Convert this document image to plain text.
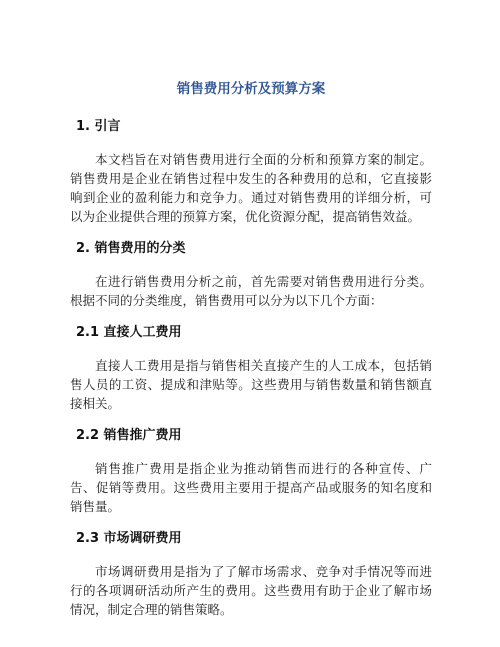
销售费用分析及预算方案
1. 引言
本文档旨在对销售费用进行全面的分析和预算方案的制定。销售费用是企业在销售过程中发生的各种费用的总和，它直接影响到企业的盈利能力和竞争力。通过对销售费用的详细分析，可以为企业提供合理的预算方案，优化资源分配，提高销售效益。
2. 销售费用的分类
在进行销售费用分析之前，首先需要对销售费用进行分类。根据不同的分类维度，销售费用可以分为以下几个方面：
2.1 直接人工费用
直接人工费用是指与销售相关直接产生的人工成本，包括销售人员的工资、提成和津贴等。这些费用与销售数量和销售额直接相关。
2.2 销售推广费用
销售推广费用是指企业为推动销售而进行的各种宣传、广告、促销等费用。这些费用主要用于提高产品或服务的知名度和销售量。
2.3 市场调研费用
市场调研费用是指为了了解市场需求、竞争对手情况等而进行的各项调研活动所产生的费用。这些费用有助于企业了解市场情况，制定合理的销售策略。
